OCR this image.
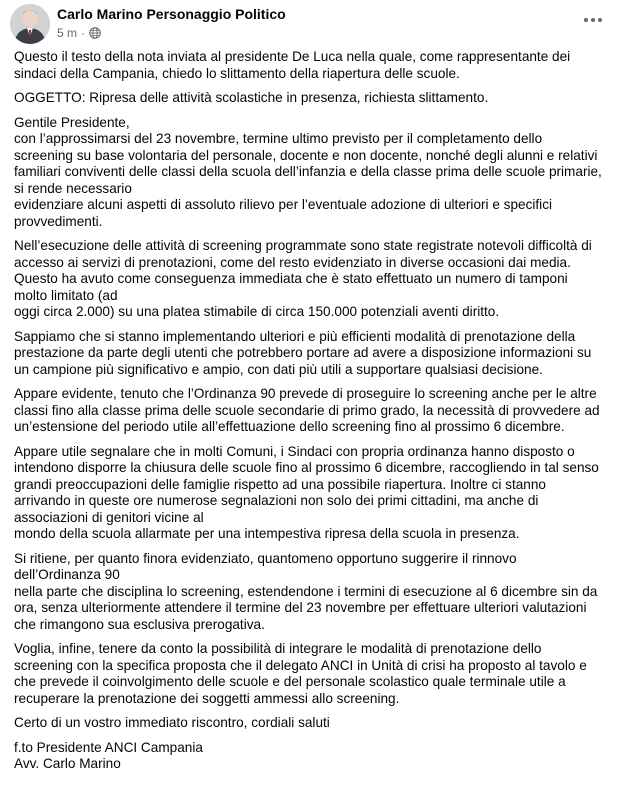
Carlo Marino Personaggio Politico
5 m ·

Questo il testo della nota inviata al presidente De Luca nella quale, come rappresentante dei
sindaci della Campania, chiedo lo slittamento della riapertura delle scuole.

OGGETTO: Ripresa delle attività scolastiche in presenza, richiesta slittamento.

Gentile Presidente,
con l’approssimarsi del 23 novembre, termine ultimo previsto per il completamento dello
screening su base volontaria del personale, docente e non docente, nonché degli alunni e relativi
familiari conviventi delle classi della scuola dell’infanzia e della classe prima delle scuole primarie,
si rende necessario
evidenziare alcuni aspetti di assoluto rilievo per l’eventuale adozione di ulteriori e specifici
provvedimenti.

Nell’esecuzione delle attività di screening programmate sono state registrate notevoli difficoltà di
accesso ai servizi di prenotazioni, come del resto evidenziato in diverse occasioni dai media.
Questo ha avuto come conseguenza immediata che è stato effettuato un numero di tamponi
molto limitato (ad
oggi circa 2.000) su una platea stimabile di circa 150.000 potenziali aventi diritto.

Sappiamo che si stanno implementando ulteriori e più efficienti modalità di prenotazione della
prestazione da parte degli utenti che potrebbero portare ad avere a disposizione informazioni su
un campione più significativo e ampio, con dati più utili a supportare qualsiasi decisione.

Appare evidente, tenuto che l’Ordinanza 90 prevede di proseguire lo screening anche per le altre
classi fino alla classe prima delle scuole secondarie di primo grado, la necessità di provvedere ad
un’estensione del periodo utile all’effettuazione dello screening fino al prossimo 6 dicembre.

Appare utile segnalare che in molti Comuni, i Sindaci con propria ordinanza hanno disposto o
intendono disporre la chiusura delle scuole fino al prossimo 6 dicembre, raccogliendo in tal senso
grandi preoccupazioni delle famiglie rispetto ad una possibile riapertura. Inoltre ci stanno
arrivando in queste ore numerose segnalazioni non solo dei primi cittadini, ma anche di
associazioni di genitori vicine al
mondo della scuola allarmate per una intempestiva ripresa della scuola in presenza.

Si ritiene, per quanto finora evidenziato, quantomeno opportuno suggerire il rinnovo
dell’Ordinanza 90
nella parte che disciplina lo screening, estendendone i termini di esecuzione al 6 dicembre sin da
ora, senza ulteriormente attendere il termine del 23 novembre per effettuare ulteriori valutazioni
che rimangono sua esclusiva prerogativa.

Voglia, infine, tenere da conto la possibilità di integrare le modalità di prenotazione dello
screening con la specifica proposta che il delegato ANCI in Unità di crisi ha proposto al tavolo e
che prevede il coinvolgimento delle scuole e del personale scolastico quale terminale utile a
recuperare la prenotazione dei soggetti ammessi allo screening.

Certo di un vostro immediato riscontro, cordiali saluti

f.to Presidente ANCI Campania
Avv. Carlo Marino
